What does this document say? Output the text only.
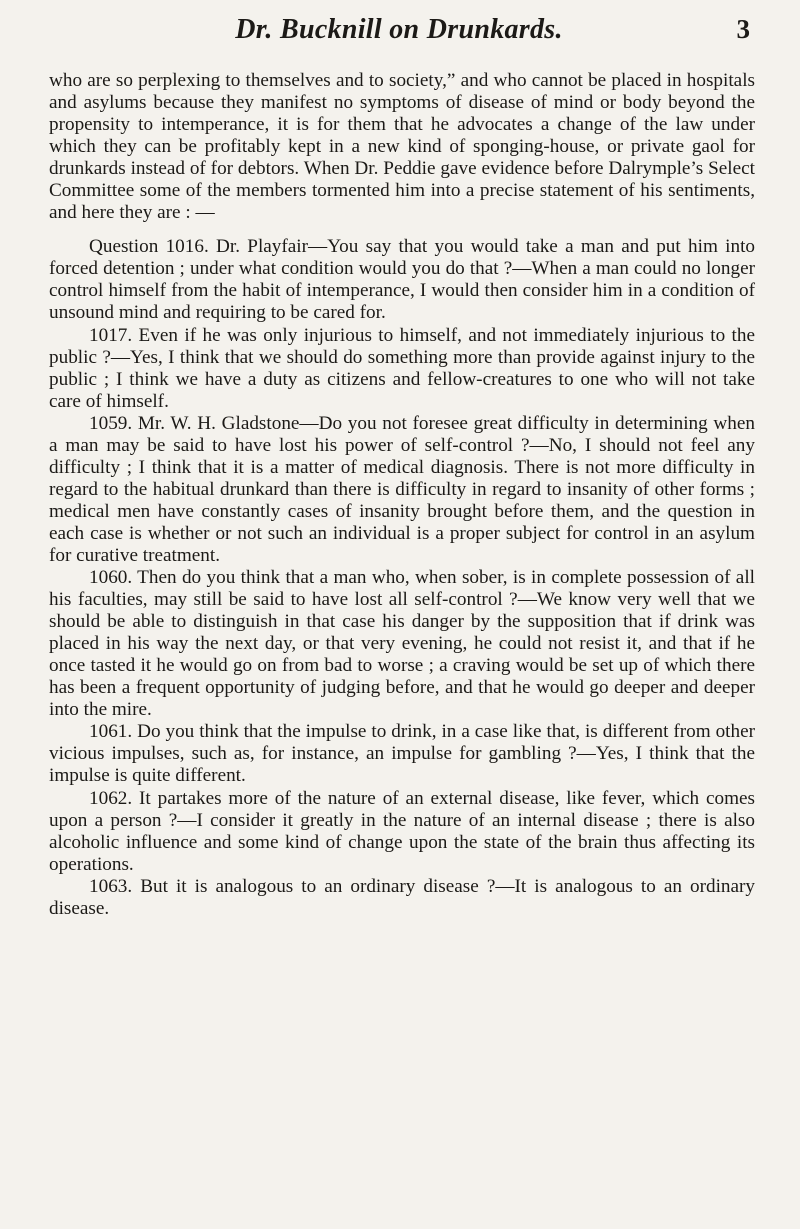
Dr. Bucknill on Drunkards.	3

who are so perplexing to themselves and to society,” and who cannot be placed in hospitals and asylums because they manifest no symptoms of disease of mind or body beyond the propensity to intemperance, it is for them that he advocates a change of the law under which they can be profitably kept in a new kind of sponging-house, or private gaol for drunkards instead of for debtors. When Dr. Peddie gave evidence before Dalrymple’s Select Committee some of the members tormented him into a precise statement of his sentiments, and here they are : —

Question 1016. Dr. Playfair—You say that you would take a man and put him into forced detention ; under what condition would you do that ?—When a man could no longer control himself from the habit of intemperance, I would then consider him in a condition of unsound mind and requiring to be cared for.

1017. Even if he was only injurious to himself, and not immediately injurious to the public ?—Yes, I think that we should do something more than provide against injury to the public ; I think we have a duty as citizens and fellow-creatures to one who will not take care of himself.

1059. Mr. W. H. Gladstone—Do you not foresee great difficulty in determining when a man may be said to have lost his power of self-control ?—No, I should not feel any difficulty ; I think that it is a matter of medical diagnosis. There is not more difficulty in regard to the habitual drunkard than there is difficulty in regard to insanity of other forms ; medical men have constantly cases of insanity brought before them, and the question in each case is whether or not such an individual is a proper subject for control in an asylum for curative treatment.

1060. Then do you think that a man who, when sober, is in complete possession of all his faculties, may still be said to have lost all self-control ?—We know very well that we should be able to distinguish in that case his danger by the supposition that if drink was placed in his way the next day, or that very evening, he could not resist it, and that if he once tasted it he would go on from bad to worse ; a craving would be set up of which there has been a frequent opportunity of judging before, and that he would go deeper and deeper into the mire.

1061. Do you think that the impulse to drink, in a case like that, is different from other vicious impulses, such as, for instance, an impulse for gambling ?—Yes, I think that the impulse is quite different.

1062. It partakes more of the nature of an external disease, like fever, which comes upon a person ?—I consider it greatly in the nature of an internal disease ; there is also alcoholic influence and some kind of change upon the state of the brain thus affecting its operations.

1063. But it is analogous to an ordinary disease ?—It is analogous to an ordinary disease.
